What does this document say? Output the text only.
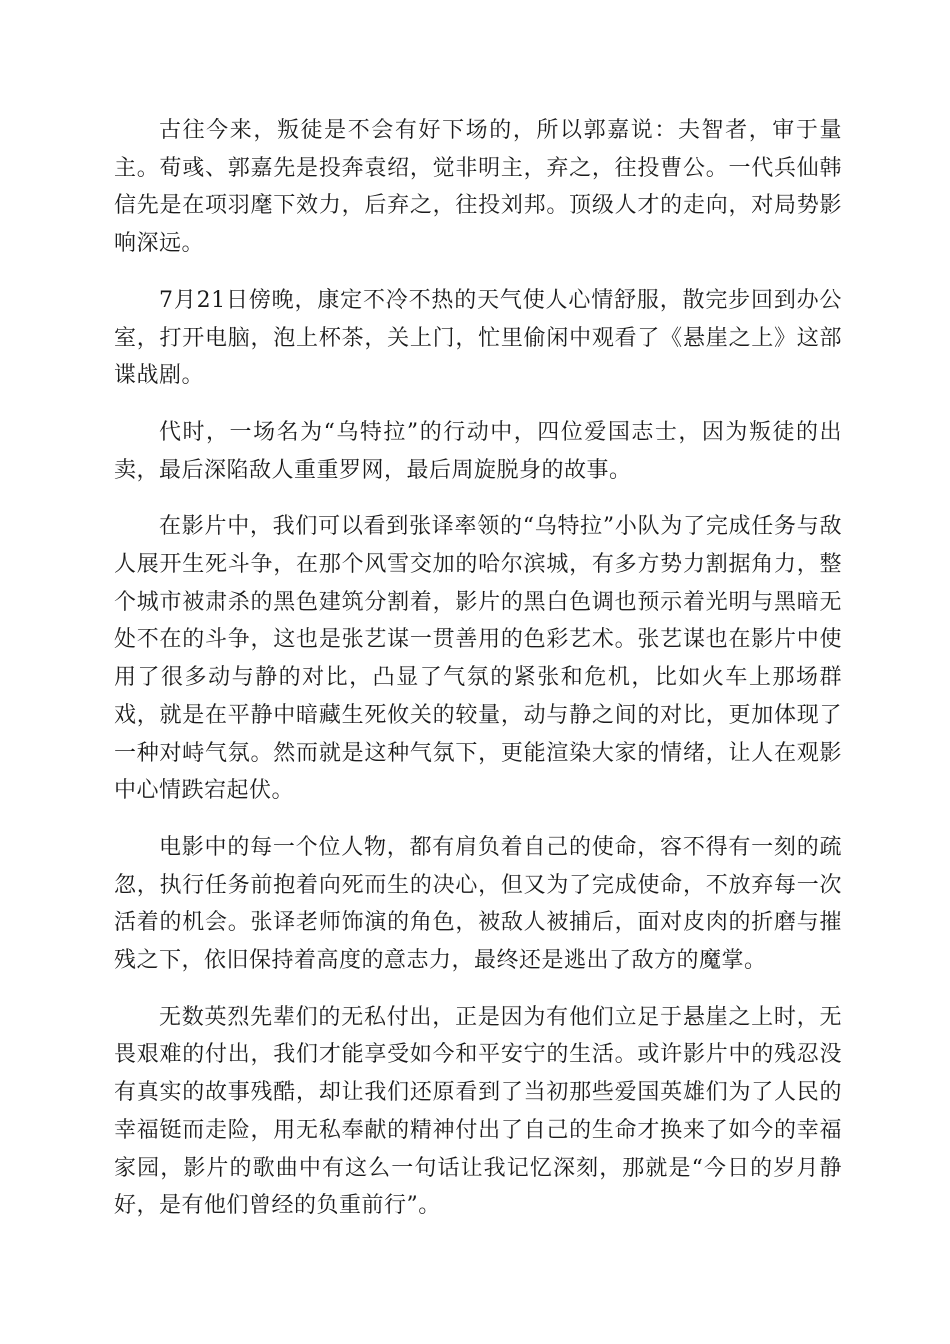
古往今来，叛徒是不会有好下场的，所以郭嘉说：夫智者，审于量主。荀彧、郭嘉先是投奔袁绍，觉非明主，弃之，往投曹公。一代兵仙韩信先是在项羽麾下效力，后弃之，往投刘邦。顶级人才的走向，对局势影响深远。

7月21日傍晚，康定不冷不热的天气使人心情舒服，散完步回到办公室，打开电脑，泡上杯茶，关上门，忙里偷闲中观看了《悬崖之上》这部谍战剧。

代时，一场名为“乌特拉”的行动中，四位爱国志士，因为叛徒的出卖，最后深陷敌人重重罗网，最后周旋脱身的故事。

在影片中，我们可以看到张译率领的“乌特拉”小队为了完成任务与敌人展开生死斗争，在那个风雪交加的哈尔滨城，有多方势力割据角力，整个城市被肃杀的黑色建筑分割着，影片的黑白色调也预示着光明与黑暗无处不在的斗争，这也是张艺谋一贯善用的色彩艺术。张艺谋也在影片中使用了很多动与静的对比，凸显了气氛的紧张和危机，比如火车上那场群戏，就是在平静中暗藏生死攸关的较量，动与静之间的对比，更加体现了一种对峙气氛。然而就是这种气氛下，更能渲染大家的情绪，让人在观影中心情跌宕起伏。

电影中的每一个位人物，都有肩负着自己的使命，容不得有一刻的疏忽，执行任务前抱着向死而生的决心，但又为了完成使命，不放弃每一次活着的机会。张译老师饰演的角色，被敌人被捕后，面对皮肉的折磨与摧残之下，依旧保持着高度的意志力，最终还是逃出了敌方的魔掌。

无数英烈先辈们的无私付出，正是因为有他们立足于悬崖之上时，无畏艰难的付出，我们才能享受如今和平安宁的生活。或许影片中的残忍没有真实的故事残酷，却让我们还原看到了当初那些爱国英雄们为了人民的幸福铤而走险，用无私奉献的精神付出了自己的生命才换来了如今的幸福家园，影片的歌曲中有这么一句话让我记忆深刻，那就是“今日的岁月静好，是有他们曾经的负重前行”。
